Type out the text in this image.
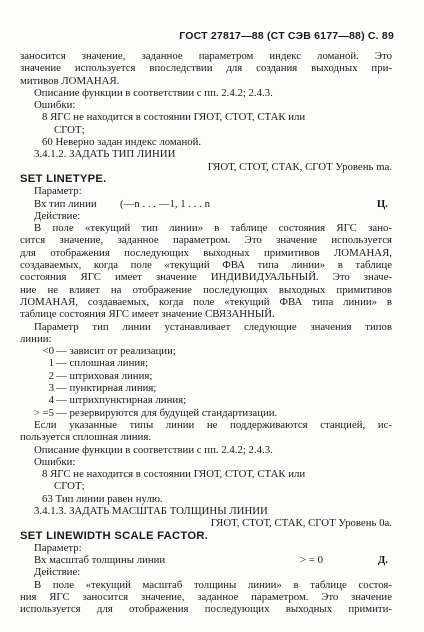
ГОСТ 27817—88 (СТ СЭВ 6177—88) С. 89
заносится значение, заданное параметром индекс ломаной. Это
значение используется впоследствии для создания выходных при-
митивов ЛОМАНАЯ.
Описание функции в соответствии с пп. 2.4.2; 2.4.3.
Ошибки:
8 ЯГС не находится в состоянии ГЯОТ, СТОТ, СТАК или
СГОТ;
60 Неверно задан индекс ломаной.
3.4.1.2. ЗАДАТЬ ТИП ЛИНИИ
ГЯОТ, СТОТ, СТАК, СГОТ Уровень mа.
SET LINETYPE.
Параметр:
Вх тип линии (—n . . . —1, 1 . . . n	Ц.
Действие:
В поле «текущий тип линии» в таблице состояния ЯГС зано-
сится значение, заданное параметром. Это значение используется
для отображения последующих выходных примитивов ЛОМАНАЯ,
создаваемых, когда поле «текущий ФВА типа линии» в таблице
состояния ЯГС имеет значение ИНДИВИДУАЛЬНЫЙ. Это значе-
ние не влияет на отображение последующих выходных примитивов
ЛОМАНАЯ, создаваемых, когда поле «текущий ФВА типа линии» в
таблице состояния ЯГС имеет значение СВЯЗАННЫЙ.
Параметр тип линии устанавливает следующие значения типов
линии:
<0 — зависит от реализации;
1 — сплошная линия;
2 — штриховая линия;
3 — пунктирная линия;
4 — штрихпунктирная линия;
> =5 — резервируются для будущей стандартизации.
Если указанные типы линии не поддерживаются станцией, ис-
пользуется сплошная линия.
Описание функции в соответствии с пп. 2.4.2; 2.4.3.
Ошибки:
8 ЯГС не находится в состоянии ГЯОТ, СТОТ, СТАК или
СГОТ;
63 Тип линии равен нулю.
3.4.1.3. ЗАДАТЬ МАСШТАБ ТОЛЩИНЫ ЛИНИИ
ГЯОТ, СТОТ, СТАК, СГОТ Уровень 0а.
SET LINEWIDTH SCALE FACTOR.
Параметр:
Вх масштаб толщины линии	> = 0	Д.
Действие:
В поле «текущий масштаб толщины линии» в таблице состоя-
ния ЯГС заносится значение, заданное параметром. Это значение
используется для отображения последующих выходных примити-
